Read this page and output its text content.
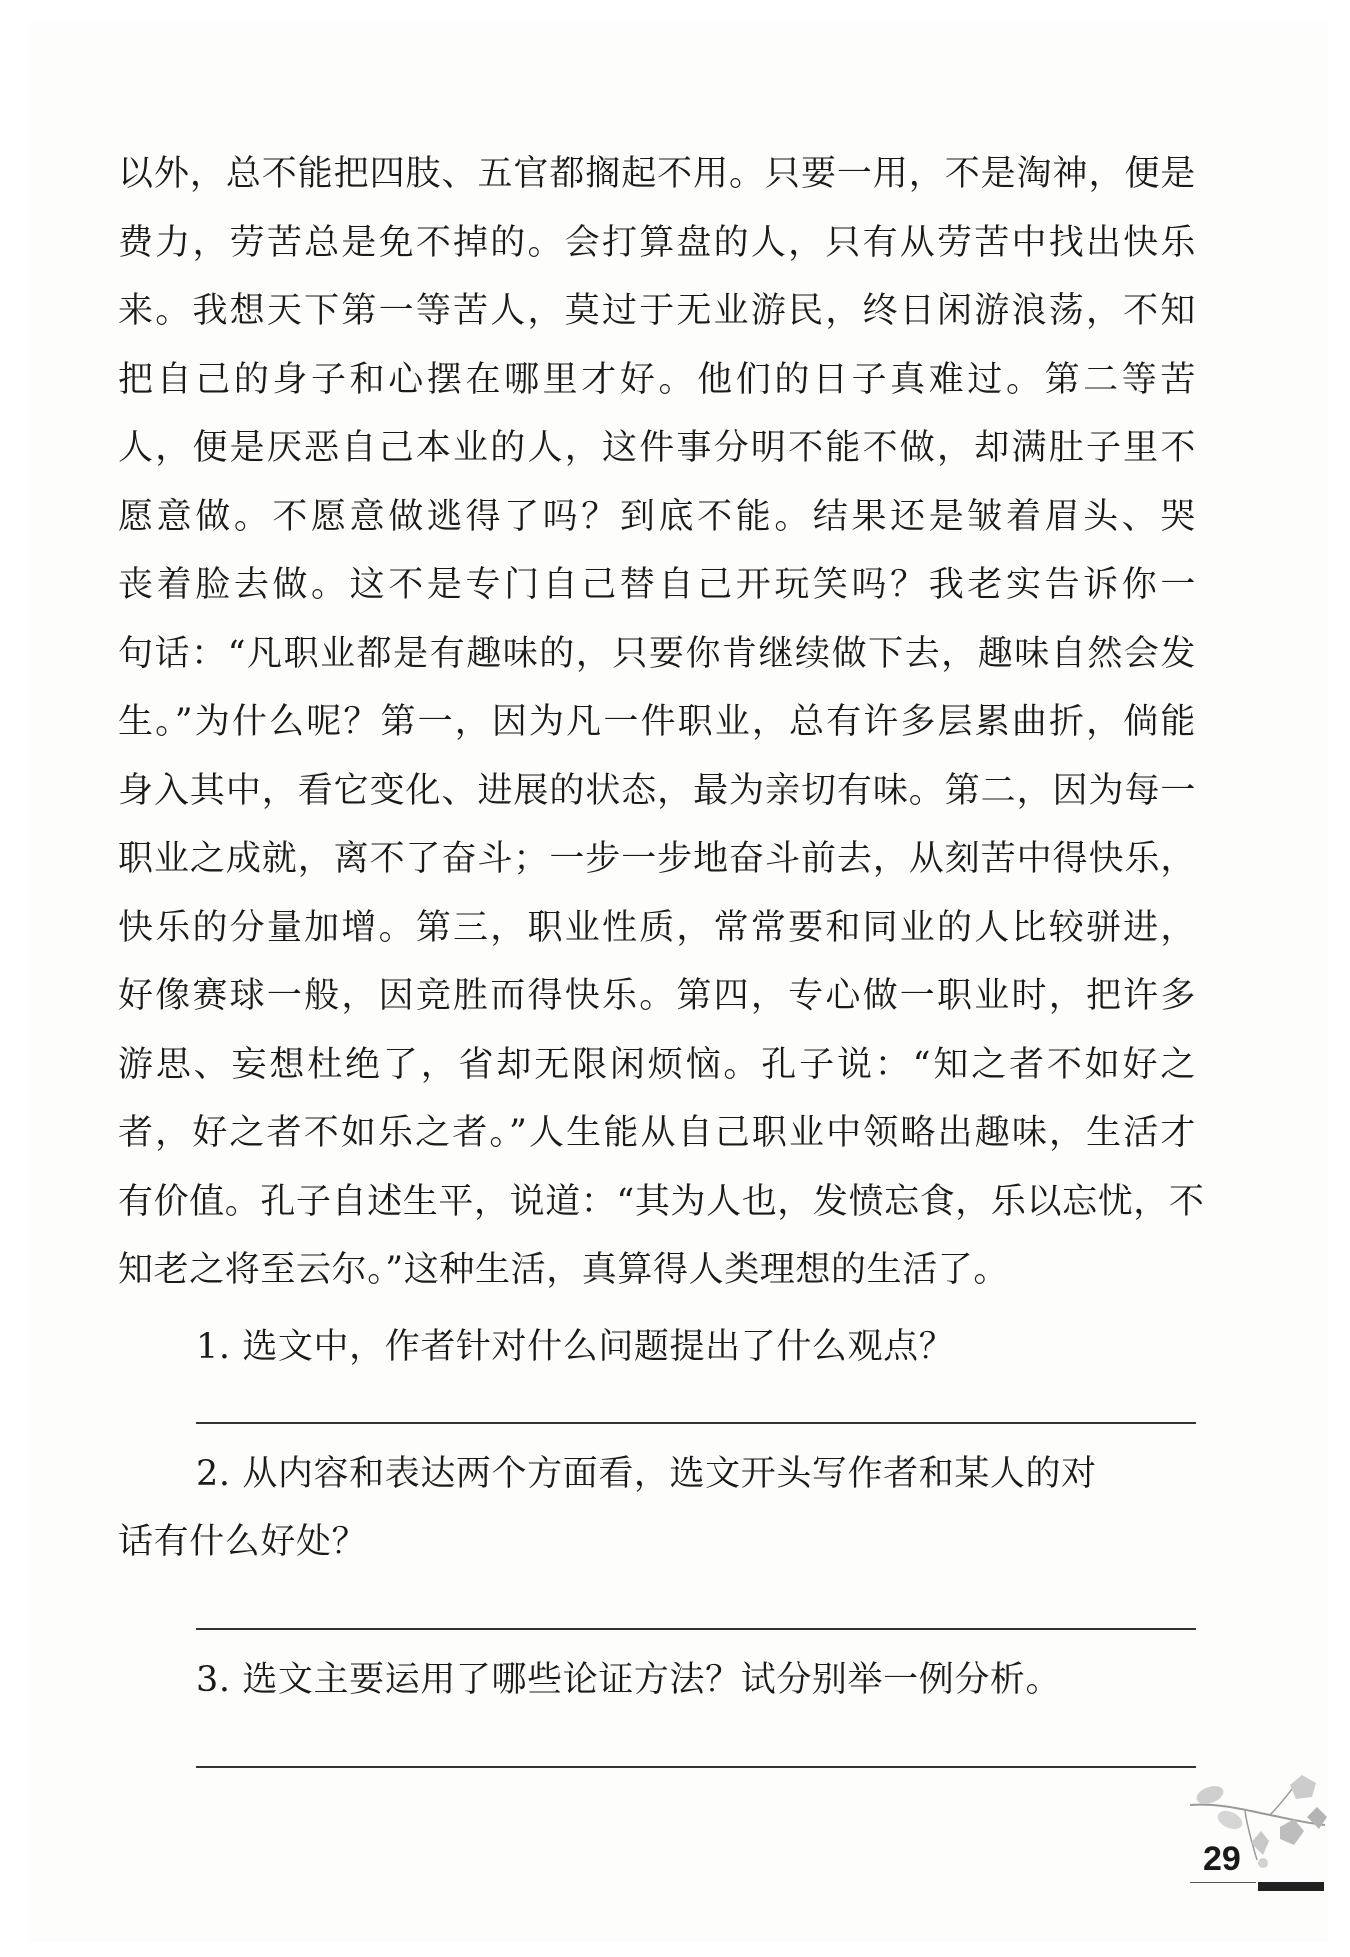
以外，总不能把四肢、五官都搁起不用。只要一用，不是淘神，便是
费力，劳苦总是免不掉的。会打算盘的人，只有从劳苦中找出快乐
来。我想天下第一等苦人，莫过于无业游民，终日闲游浪荡，不知
把自己的身子和心摆在哪里才好。他们的日子真难过。第二等苦
人，便是厌恶自己本业的人，这件事分明不能不做，却满肚子里不
愿意做。不愿意做逃得了吗？到底不能。结果还是皱着眉头、哭
丧着脸去做。这不是专门自己替自己开玩笑吗？我老实告诉你一
句话：“凡职业都是有趣味的，只要你肯继续做下去，趣味自然会发
生。”为什么呢？第一，因为凡一件职业，总有许多层累曲折，倘能
身入其中，看它变化、进展的状态，最为亲切有味。第二，因为每一
职业之成就，离不了奋斗；一步一步地奋斗前去，从刻苦中得快乐，
快乐的分量加增。第三，职业性质，常常要和同业的人比较骈进，
好像赛球一般，因竞胜而得快乐。第四，专心做一职业时，把许多
游思、妄想杜绝了，省却无限闲烦恼。孔子说：“知之者不如好之
者，好之者不如乐之者。”人生能从自己职业中领略出趣味，生活才
有价值。孔子自述生平，说道：“其为人也，发愤忘食，乐以忘忧，不
知老之将至云尔。”这种生活，真算得人类理想的生活了。
1. 选文中，作者针对什么问题提出了什么观点？
2. 从内容和表达两个方面看，选文开头写作者和某人的对
话有什么好处？
3. 选文主要运用了哪些论证方法？试分别举一例分析。
29
